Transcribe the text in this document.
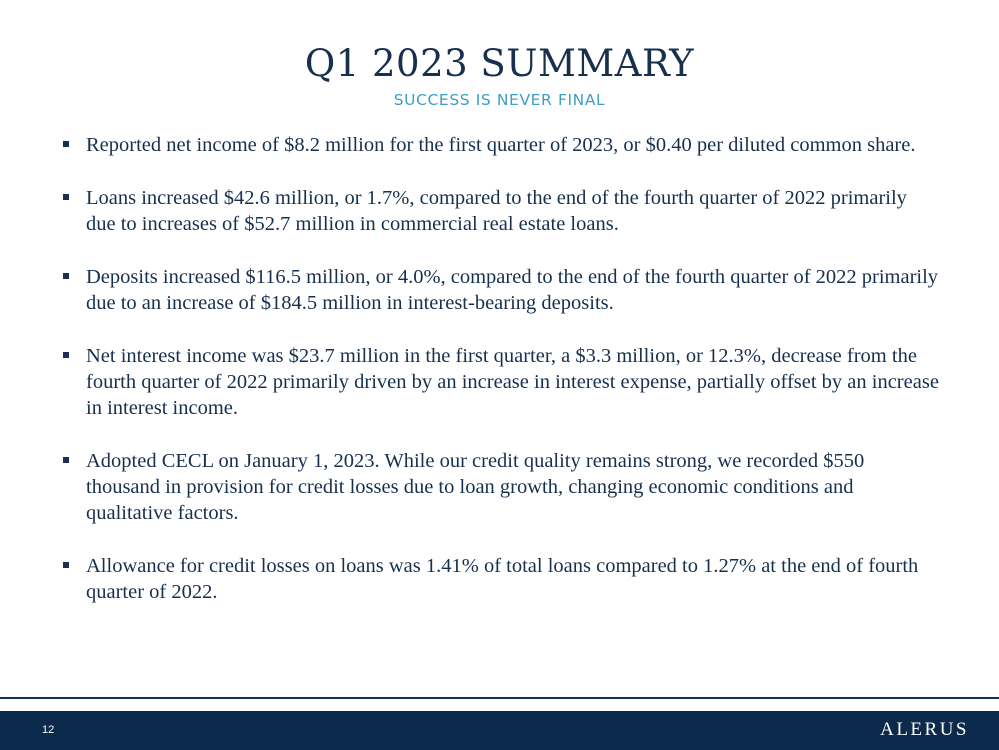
Q1 2023 SUMMARY
SUCCESS IS NEVER FINAL
Reported net income of $8.2 million for the first quarter of 2023, or $0.40 per diluted common share.
Loans increased $42.6 million, or 1.7%, compared to the end of the fourth quarter of 2022 primarily due to increases of $52.7 million in commercial real estate loans.
Deposits increased $116.5 million, or 4.0%, compared to the end of the fourth quarter of 2022 primarily due to an increase of $184.5 million in interest-bearing deposits.
Net interest income was $23.7 million in the first quarter, a $3.3 million, or 12.3%, decrease from the fourth quarter of 2022 primarily driven by an increase in interest expense, partially offset by an increase in interest income.
Adopted CECL on January 1, 2023. While our credit quality remains strong, we recorded $550 thousand in provision for credit losses due to loan growth, changing economic conditions and qualitative factors.
Allowance for credit losses on loans was 1.41% of total loans compared to 1.27% at the end of fourth quarter of 2022.
12	ALERUS
